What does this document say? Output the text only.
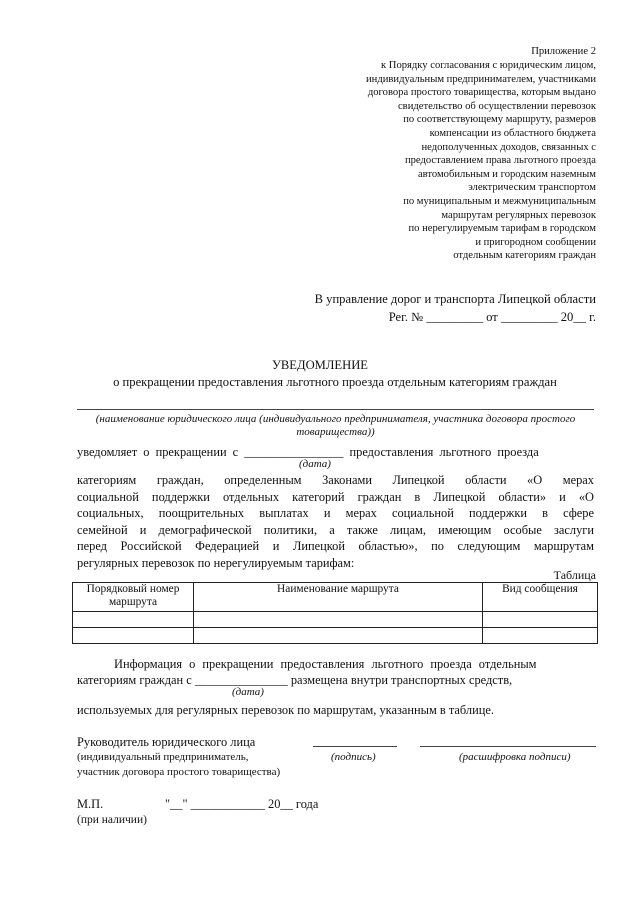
Приложение 2
к Порядку согласования с юридическим лицом,
индивидуальным предпринимателем, участниками
договора простого товарищества, которым выдано
свидетельство об осуществлении перевозок
по соответствующему маршруту, размеров
компенсации из областного бюджета
недополученных доходов, связанных с
предоставлением права льготного проезда
автомобильным и городским наземным
электрическим транспортом
по муниципальным и межмуниципальным
маршрутам регулярных перевозок
по нерегулируемым тарифам в городском
и пригородном сообщении
отдельным категориям граждан
В управление дорог и транспорта Липецкой области
Рег. № _________ от _________ 20__ г.
УВЕДОМЛЕНИЕ
о прекращении предоставления льготного проезда отдельным категориям граждан
(наименование юридического лица (индивидуального предпринимателя, участника договора простого товарищества))
уведомляет о прекращении с ________________ предоставления льготного проезда
(дата)
категориям граждан, определенным Законами Липецкой области «О мерах
социальной поддержки отдельных категорий граждан в Липецкой области» и «О
социальных, поощрительных выплатах и мерах социальной поддержки в сфере
семейной и демографической политики, а также лицам, имеющим особые заслуги
перед Российской Федерацией и Липецкой областью», по следующим маршрутам
регулярных перевозок по нерегулируемым тарифам:
Таблица
Порядковый номер маршрута	Наименование маршрута	Вид сообщения

Информация о прекращении предоставления льготного проезда отдельным
категориям граждан с _______________ размещена внутри транспортных средств,
(дата)
используемых для регулярных перевозок по маршрутам, указанным в таблице.
Руководитель юридического лица
(индивидуальный предприниматель,	(подпись)	(расшифровка подписи)
участник договора простого товарищества)
М.П.	"__" ____________ 20__ года
(при наличии)
